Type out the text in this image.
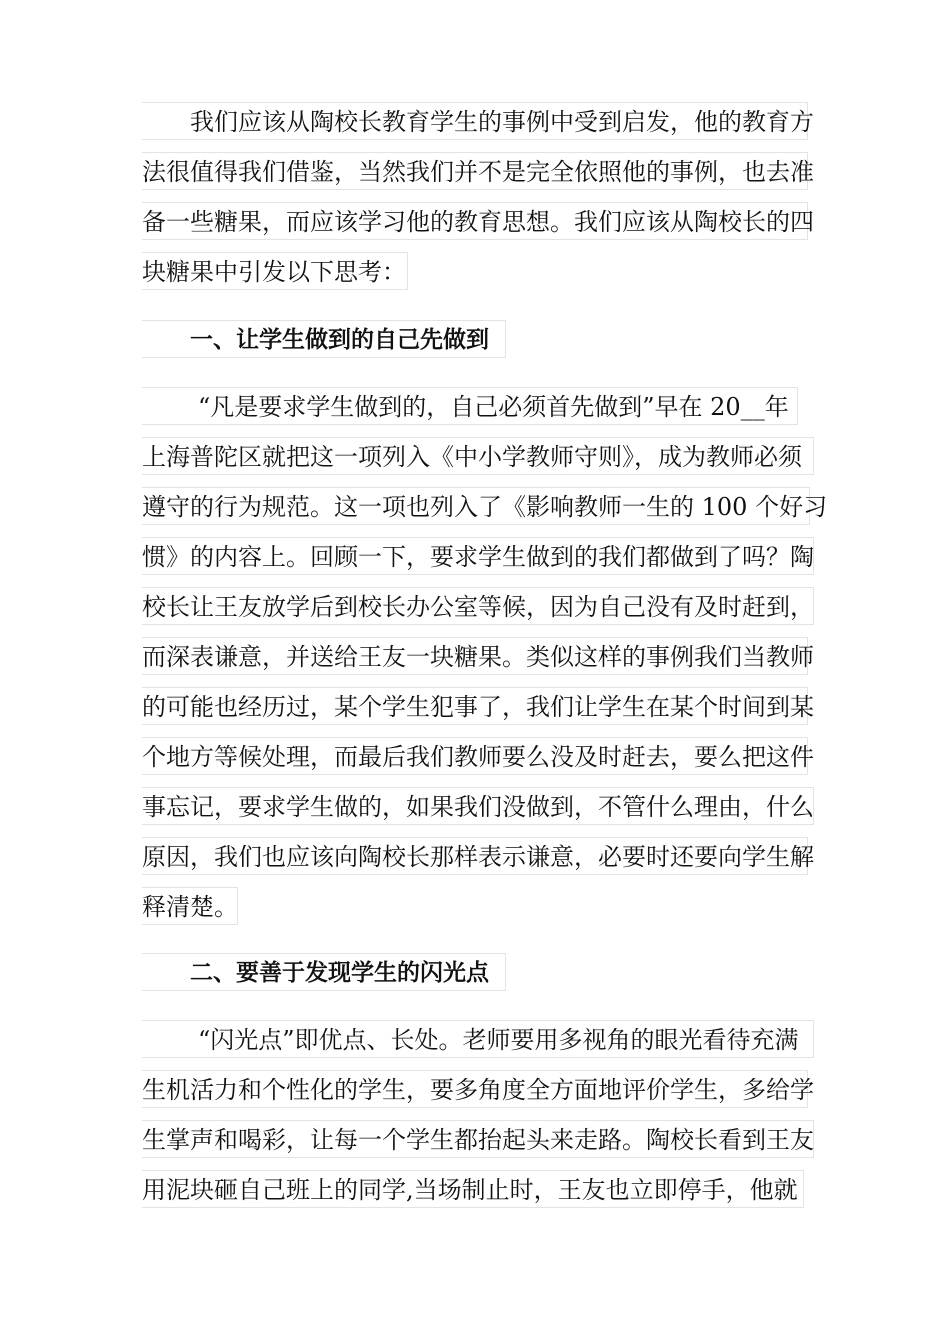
我们应该从陶校长教育学生的事例中受到启发，他的教育方
法很值得我们借鉴，当然我们并不是完全依照他的事例，也去准
备一些糖果，而应该学习他的教育思想。我们应该从陶校长的四
块糖果中引发以下思考：
一、让学生做到的自己先做到
“凡是要求学生做到的，自己必须首先做到”早在 20__年
上海普陀区就把这一项列入《中小学教师守则》，成为教师必须
遵守的行为规范。这一项也列入了《影响教师一生的 100 个好习
惯》的内容上。回顾一下，要求学生做到的我们都做到了吗？陶
校长让王友放学后到校长办公室等候，因为自己没有及时赶到，
而深表谦意，并送给王友一块糖果。类似这样的事例我们当教师
的可能也经历过，某个学生犯事了，我们让学生在某个时间到某
个地方等候处理，而最后我们教师要么没及时赶去，要么把这件
事忘记，要求学生做的，如果我们没做到，不管什么理由，什么
原因，我们也应该向陶校长那样表示谦意，必要时还要向学生解
释清楚。
二、要善于发现学生的闪光点
“闪光点”即优点、长处。老师要用多视角的眼光看待充满
生机活力和个性化的学生，要多角度全方面地评价学生，多给学
生掌声和喝彩，让每一个学生都抬起头来走路。陶校长看到王友
用泥块砸自己班上的同学,当场制止时，王友也立即停手，他就
